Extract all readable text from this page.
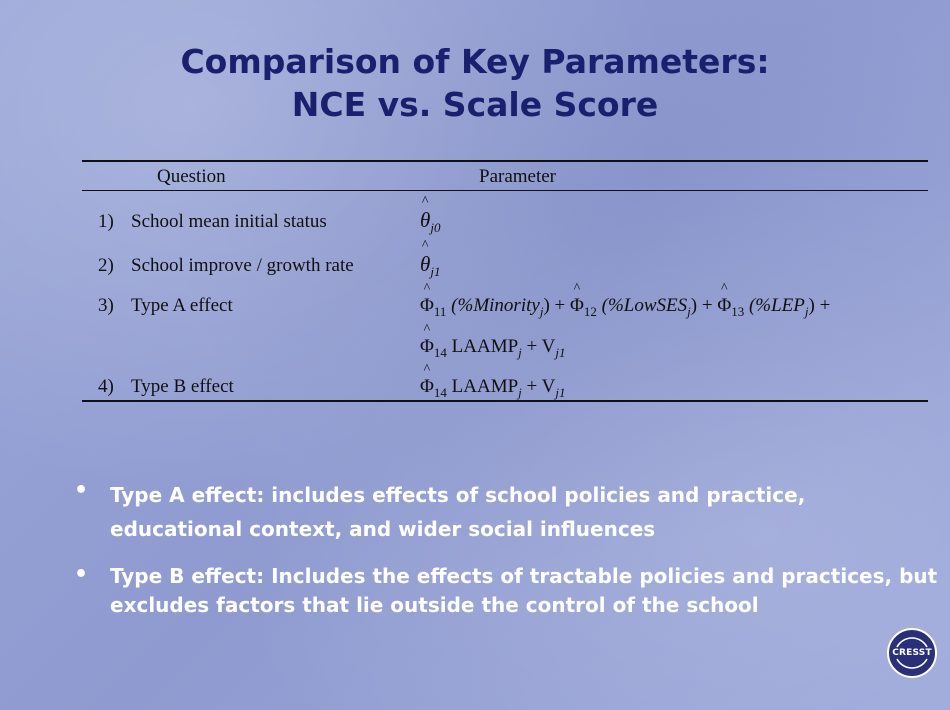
Comparison of Key Parameters:
NCE vs. Scale Score
Question	Parameter
1) School mean initial status	^ $\theta_{j0}$
2) School improve / growth rate	^ $\theta_{j1}$
3) Type A effect	^ $\Phi_{11}$ (%Minority$_j$) + ^ $\Phi_{12}$ (%LowSES$_j$) + ^ $\Phi_{13}$ $(\%LEP_j)$ +
^ $\Phi_{14}$ $LAAMP_j + V_{j1}$
4) Type B effect	^ $\Phi_{14}$ $LAAMP_j + V_{j1}$
• Type A effect: includes effects of school policies and practice, educational context, and wider social influences
• Type B effect: Includes the effects of tractable policies and practices, but excludes factors that lie outside the control of the school
CRESST
